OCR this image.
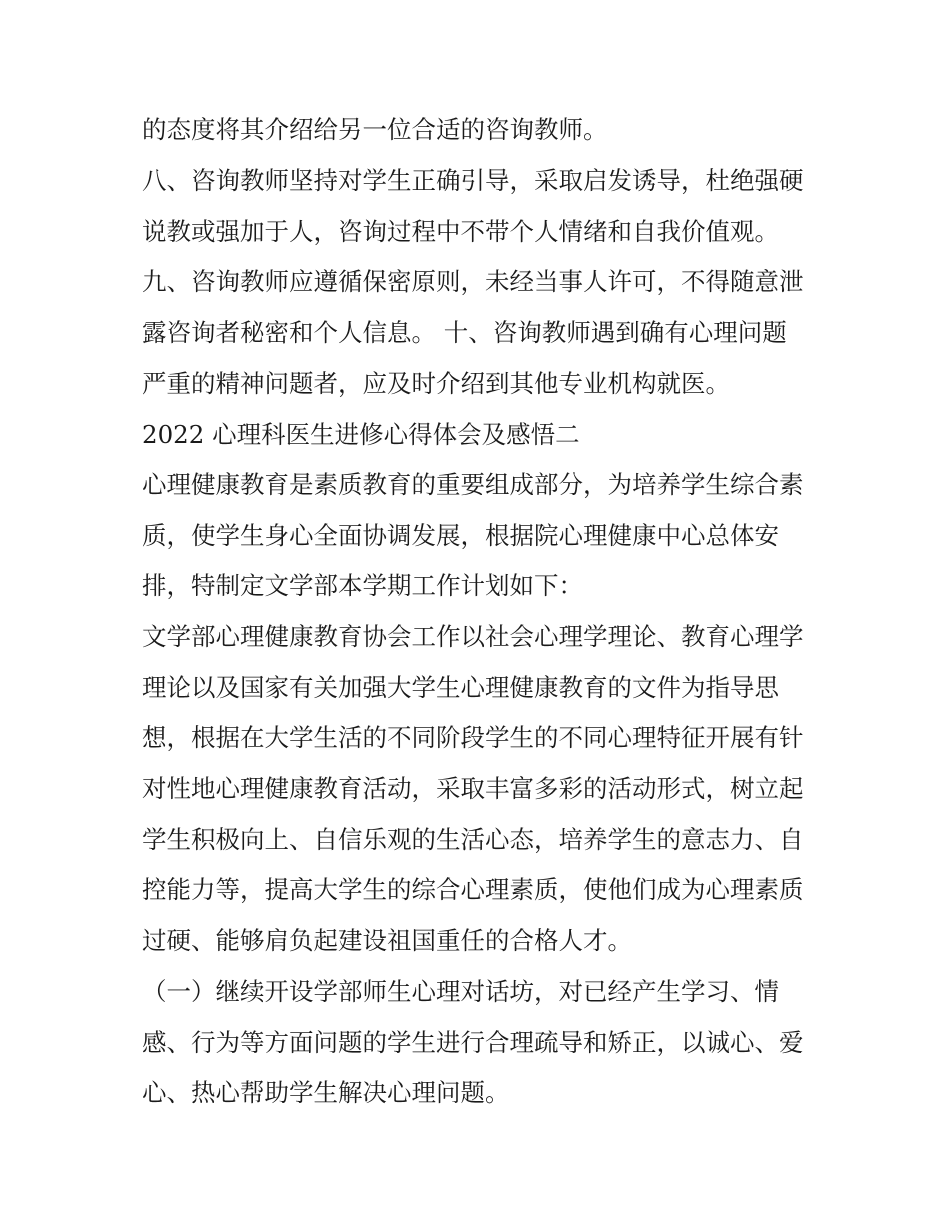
的态度将其介绍给另一位合适的咨询教师。

八、咨询教师坚持对学生正确引导，采取启发诱导，杜绝强硬

说教或强加于人，咨询过程中不带个人情绪和自我价值观。

九、咨询教师应遵循保密原则，未经当事人许可，不得随意泄

露咨询者秘密和个人信息。 十、咨询教师遇到确有心理问题

严重的精神问题者，应及时介绍到其他专业机构就医。

2022 心理科医生进修心得体会及感悟二

心理健康教育是素质教育的重要组成部分，为培养学生综合素

质，使学生身心全面协调发展，根据院心理健康中心总体安

排，特制定文学部本学期工作计划如下：

文学部心理健康教育协会工作以社会心理学理论、教育心理学

理论以及国家有关加强大学生心理健康教育的文件为指导思

想，根据在大学生活的不同阶段学生的不同心理特征开展有针

对性地心理健康教育活动，采取丰富多彩的活动形式，树立起

学生积极向上、自信乐观的生活心态，培养学生的意志力、自

控能力等，提高大学生的综合心理素质，使他们成为心理素质

过硬、能够肩负起建设祖国重任的合格人才。

（一）继续开设学部师生心理对话坊，对已经产生学习、情

感、行为等方面问题的学生进行合理疏导和矫正，以诚心、爱

心、热心帮助学生解决心理问题。
